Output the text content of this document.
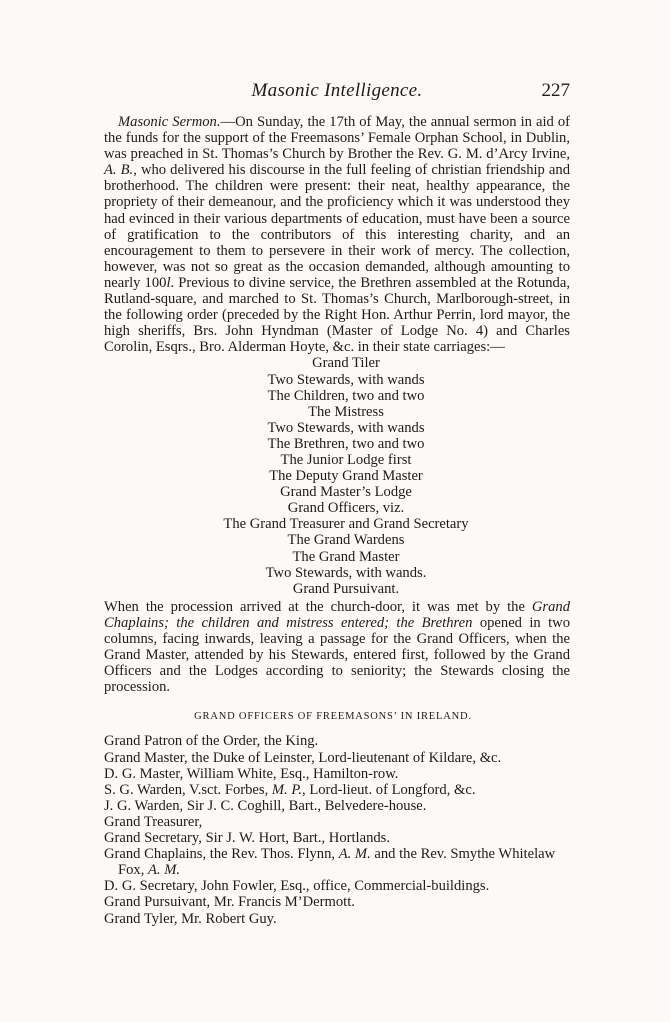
Masonic Intelligence.	227

Masonic Sermon.—On Sunday, the 17th of May, the annual sermon in aid of the funds for the support of the Freemasons’ Female Orphan School, in Dublin, was preached in St. Thomas’s Church by Brother the Rev. G. M. d’Arcy Irvine, A. B., who delivered his discourse in the full feeling of christian friendship and brotherhood. The children were present: their neat, healthy appearance, the propriety of their demeanour, and the proficiency which it was understood they had evinced in their various departments of education, must have been a source of gratification to the contributors of this interesting charity, and an encouragement to them to persevere in their work of mercy. The collection, however, was not so great as the occasion demanded, although amounting to nearly 100l. Previous to divine service, the Brethren assembled at the Rotunda, Rutland-square, and marched to St. Thomas’s Church, Marlborough-street, in the following order (preceded by the Right Hon. Arthur Perrin, lord mayor, the high sheriffs, Brs. John Hyndman (Master of Lodge No. 4) and Charles Corolin, Esqrs., Bro. Alderman Hoyte, &c. in their state carriages:—

Grand Tiler
Two Stewards, with wands
The Children, two and two
The Mistress
Two Stewards, with wands
The Brethren, two and two
The Junior Lodge first
The Deputy Grand Master
Grand Master’s Lodge
Grand Officers, viz.
The Grand Treasurer and Grand Secretary
The Grand Wardens
The Grand Master
Two Stewards, with wands.
Grand Pursuivant.

When the procession arrived at the church-door, it was met by the Grand Chaplains; the children and mistress entered; the Brethren opened in two columns, facing inwards, leaving a passage for the Grand Officers, when the Grand Master, attended by his Stewards, entered first, followed by the Grand Officers and the Lodges according to seniority; the Stewards closing the procession.

GRAND OFFICERS OF FREEMASONS’ IN IRELAND.
Grand Patron of the Order, the King.
Grand Master, the Duke of Leinster, Lord-lieutenant of Kildare, &c.
D. G. Master, William White, Esq., Hamilton-row.
S. G. Warden, V.sct. Forbes, M. P., Lord-lieut. of Longford, &c.
J. G. Warden, Sir J. C. Coghill, Bart., Belvedere-house.
Grand Treasurer,
Grand Secretary, Sir J. W. Hort, Bart., Hortlands.
Grand Chaplains, the Rev. Thos. Flynn, A. M. and the Rev. Smythe Whitelaw Fox, A. M.
D. G. Secretary, John Fowler, Esq., office, Commercial-buildings.
Grand Pursuivant, Mr. Francis M’Dermott.
Grand Tyler, Mr. Robert Guy.
